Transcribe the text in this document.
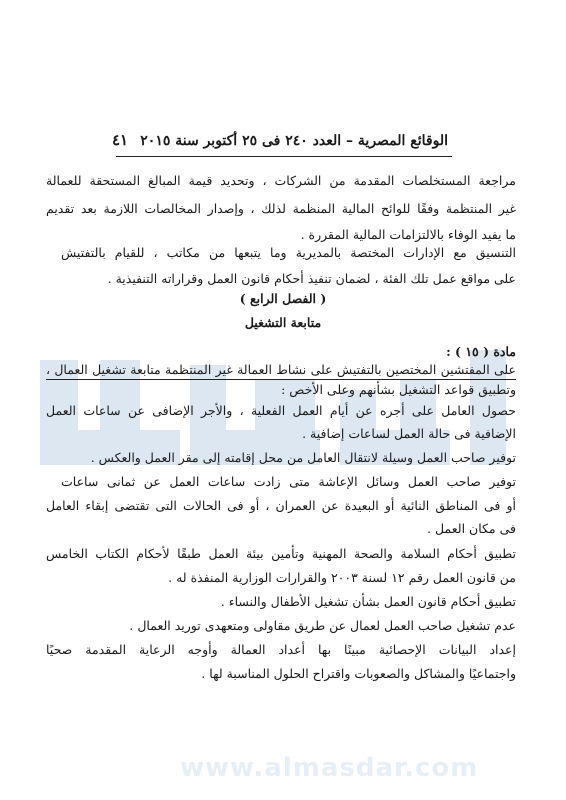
www.almasdar.com
الوقائع المصرية – العدد ٢٤٠ فى ٢٥ أكتوبر سنة ٢٠١٥
٤١
مراجعة المستخلصات المقدمة من الشركات ، وتحديد قيمة المبالغ المستحقة للعمالة
غير المنتظمة وفقًا للوائح المالية المنظمة لذلك ، وإصدار المخالصات اللازمة بعد تقديم
ما يفيد الوفاء بالالتزامات المالية المقررة .
التنسيق مع الإدارات المختصة بالمديرية وما يتبعها من مكاتب ، للقيام بالتفتيش
على مواقع عمل تلك الفئة ، لضمان تنفيذ أحكام قانون العمل وقراراته التنفيذية .
( الفصل الرابع )
متابعة التشغيل
مادة ( ١٥ ) :
على المفتشين المختصين بالتفتيش على نشاط العمالة غير المنتظمة متابعة تشغيل العمال ،
وتطبيق قواعد التشغيل بشأنهم وعلى الأخص :
حصول العامل على أجره عن أيام العمل الفعلية ، والأجر الإضافى عن ساعات العمل
الإضافية فى حالة العمل لساعات إضافية .
توفير صاحب العمل وسيلة لانتقال العامل من محل إقامته إلى مقر العمل والعكس .
توفير صاحب العمل وسائل الإعاشة متى زادت ساعات العمل عن ثمانى ساعات
أو فى المناطق النائية أو البعيدة عن العمران ، أو فى الحالات التى تقتضى إبقاء العامل
فى مكان العمل .
تطبيق أحكام السلامة والصحة المهنية وتأمين بيئة العمل طبقًا لأحكام الكتاب الخامس
من قانون العمل رقم ١٢ لسنة ٢٠٠٣ والقرارات الوزارية المنفذة له .
تطبيق أحكام قانون العمل بشأن تشغيل الأطفال والنساء .
عدم تشغيل صاحب العمل لعمال عن طريق مقاولى ومتعهدى توريد العمال .
إعداد البيانات الإحصائية مبينًا بها أعداد العمالة وأوجه الرعاية المقدمة صحيًا
واجتماعيًا والمشاكل والصعوبات واقتراح الحلول المناسبة لها .
